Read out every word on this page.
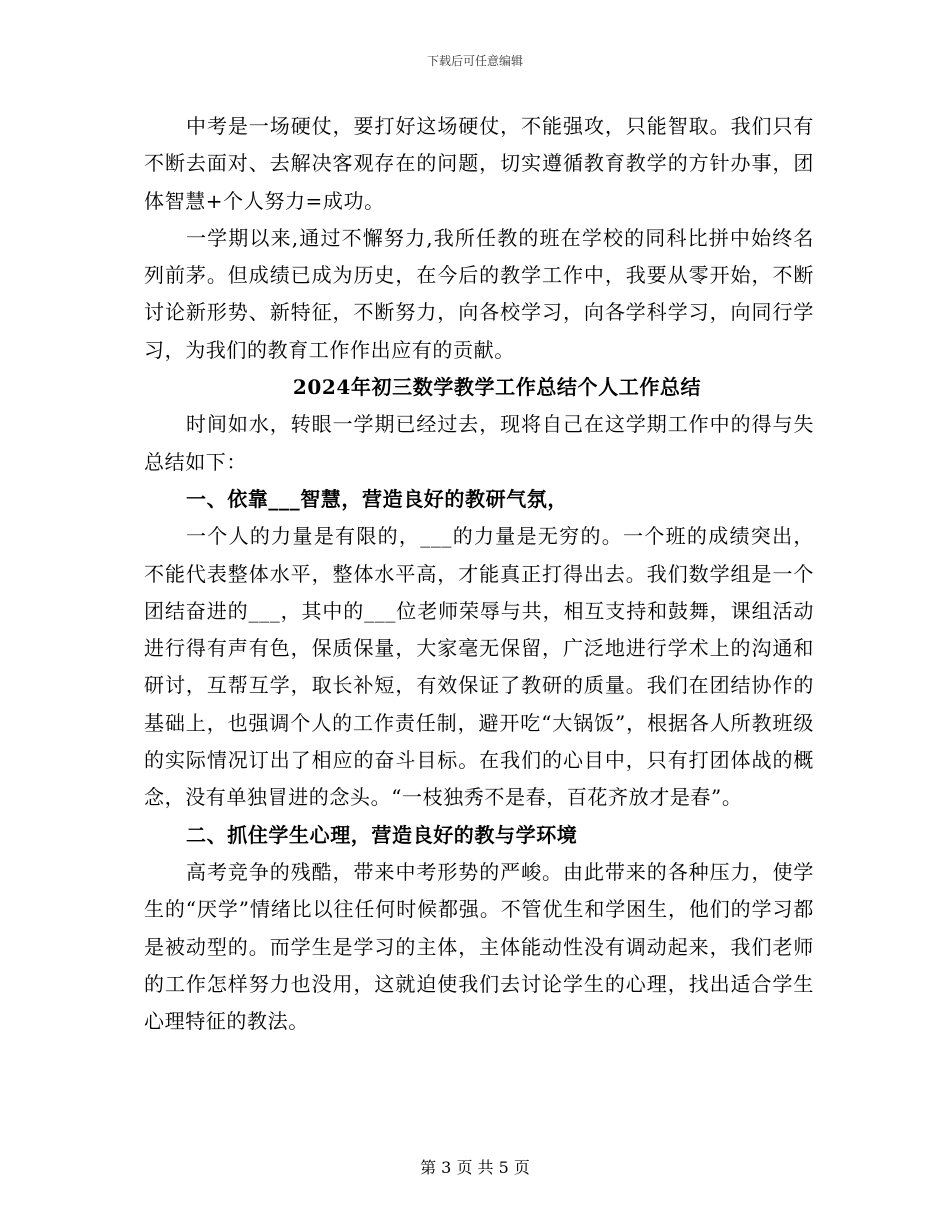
下载后可任意编辑

中考是一场硬仗，要打好这场硬仗，不能强攻，只能智取。我们只有不断去面对、去解决客观存在的问题，切实遵循教育教学的方针办事，团体智慧+个人努力=成功。

一学期以来,通过不懈努力,我所任教的班在学校的同科比拼中始终名列前茅。但成绩已成为历史，在今后的教学工作中，我要从零开始，不断讨论新形势、新特征，不断努力，向各校学习，向各学科学习，向同行学习，为我们的教育工作作出应有的贡献。

2024年初三数学教学工作总结个人工作总结

时间如水，转眼一学期已经过去，现将自己在这学期工作中的得与失总结如下：

一、依靠___智慧，营造良好的教研气氛，

一个人的力量是有限的，___的力量是无穷的。一个班的成绩突出，不能代表整体水平，整体水平高，才能真正打得出去。我们数学组是一个团结奋进的___，其中的___位老师荣辱与共，相互支持和鼓舞，课组活动进行得有声有色，保质保量，大家毫无保留，广泛地进行学术上的沟通和研讨，互帮互学，取长补短，有效保证了教研的质量。我们在团结协作的基础上，也强调个人的工作责任制，避开吃“大锅饭”，根据各人所教班级的实际情况订出了相应的奋斗目标。在我们的心目中，只有打团体战的概念，没有单独冒进的念头。“一枝独秀不是春，百花齐放才是春”。

二、抓住学生心理，营造良好的教与学环境

高考竞争的残酷，带来中考形势的严峻。由此带来的各种压力，使学生的“厌学”情绪比以往任何时候都强。不管优生和学困生，他们的学习都是被动型的。而学生是学习的主体，主体能动性没有调动起来，我们老师的工作怎样努力也没用，这就迫使我们去讨论学生的心理，找出适合学生心理特征的教法。

第 3 页 共 5 页
